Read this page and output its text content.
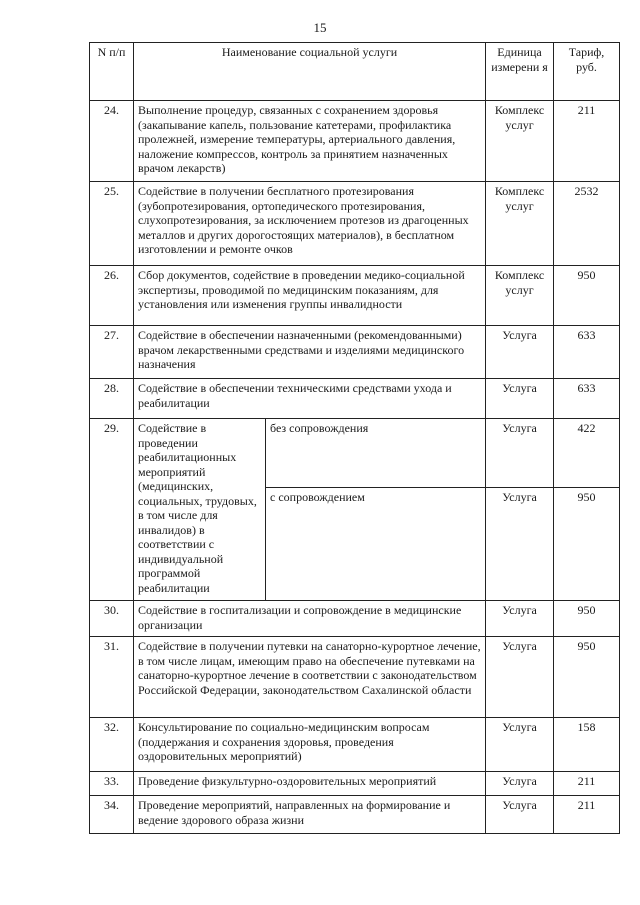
15
N п/п	Наименование социальной услуги		Единица измерени я	Тариф, руб.
24.	Выполнение процедур, связанных с сохранением здоровья (закапывание капель, пользование катетерами, профилактика пролежней, измерение температуры, артериального давления, наложение компрессов, контроль за принятием назначенных врачом лекарств)		Комплекс услуг	211
25.	Содействие в получении бесплатного протезирования (зубопротезирования, ортопедического протезирования, слухопротезирования, за исключением протезов из драгоценных металлов и других дорогостоящих материалов), в бесплатном изготовлении и ремонте очков		Комплекс услуг	2532
26.	Сбор документов, содействие в проведении медико-социальной экспертизы, проводимой по медицинским показаниям, для установления или изменения группы инвалидности		Комплекс услуг	950
27.	Содействие в обеспечении назначенными (рекомендованными) врачом лекарственными средствами и изделиями медицинского назначения		Услуга	633
28.	Содействие в обеспечении техническими средствами ухода и реабилитации		Услуга	633
29.	Содействие в проведении реабилитационных мероприятий (медицинских, социальных, трудовых, в том числе для инвалидов) в соответствии с индивидуальной программой реабилитации	без сопровождения	Услуга	422
		с сопровождением	Услуга	950
30.	Содействие в госпитализации и сопровождение в медицинские организации		Услуга	950
31.	Содействие в получении путевки на санаторно-курортное лечение, в том числе лицам, имеющим право на обеспечение путевками на санаторно-курортное лечение в соответствии с законодательством Российской Федерации, законодательством Сахалинской области		Услуга	950
32.	Консультирование по социально-медицинским вопросам (поддержания и сохранения здоровья, проведения оздоровительных мероприятий)		Услуга	158
33.	Проведение физкультурно-оздоровительных мероприятий		Услуга	211
34.	Проведение мероприятий, направленных на формирование и ведение здорового образа жизни		Услуга	211
